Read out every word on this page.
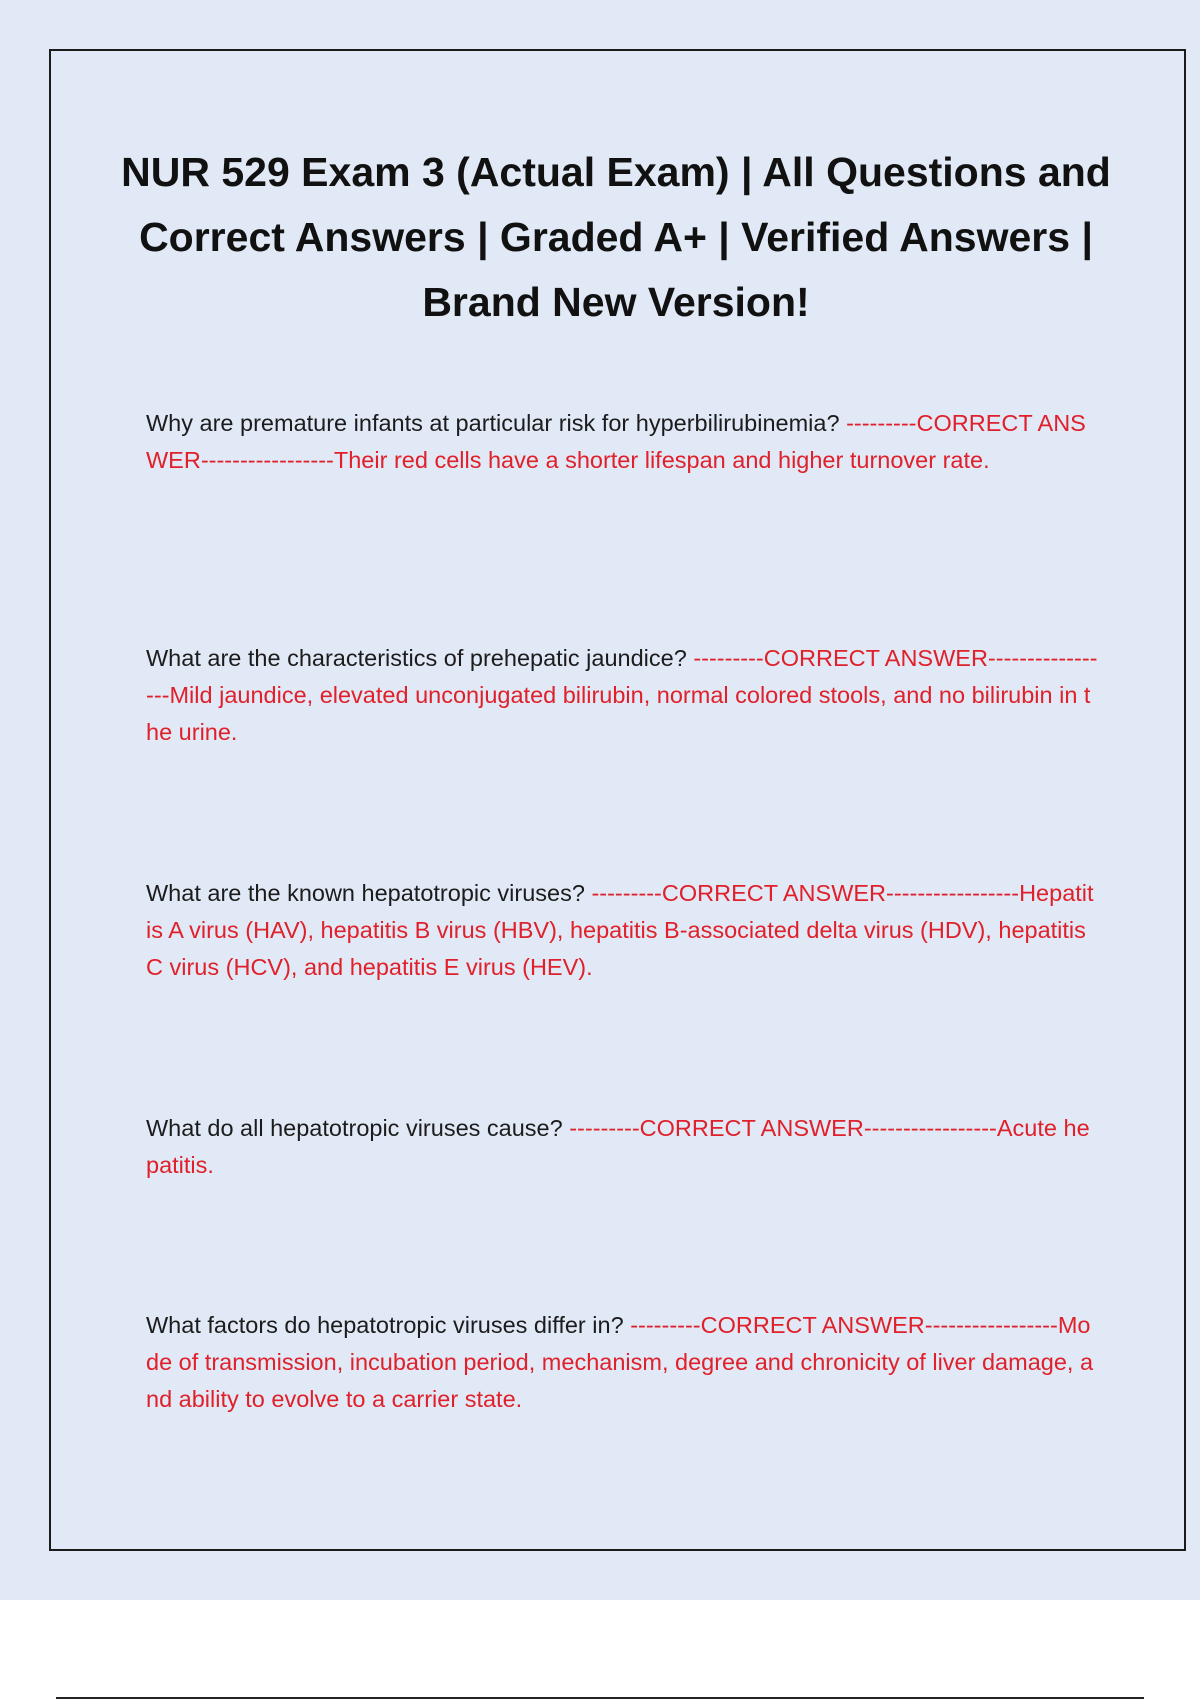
NUR 529 Exam 3 (Actual Exam) | All Questions and Correct Answers | Graded A+ | Verified Answers | Brand New Version!

Why are premature infants at particular risk for hyperbilirubinemia? ---------CORRECT ANSWER-----------------Their red cells have a shorter lifespan and higher turnover rate.

What are the characteristics of prehepatic jaundice? ---------CORRECT ANSWER-----------------Mild jaundice, elevated unconjugated bilirubin, normal colored stools, and no bilirubin in the urine.

What are the known hepatotropic viruses? ---------CORRECT ANSWER-----------------Hepatitis A virus (HAV), hepatitis B virus (HBV), hepatitis B-associated delta virus (HDV), hepatitis C virus (HCV), and hepatitis E virus (HEV).

What do all hepatotropic viruses cause? ---------CORRECT ANSWER-----------------Acute hepatitis.

What factors do hepatotropic viruses differ in? ---------CORRECT ANSWER-----------------Mode of transmission, incubation period, mechanism, degree and chronicity of liver damage, and ability to evolve to a carrier state.
